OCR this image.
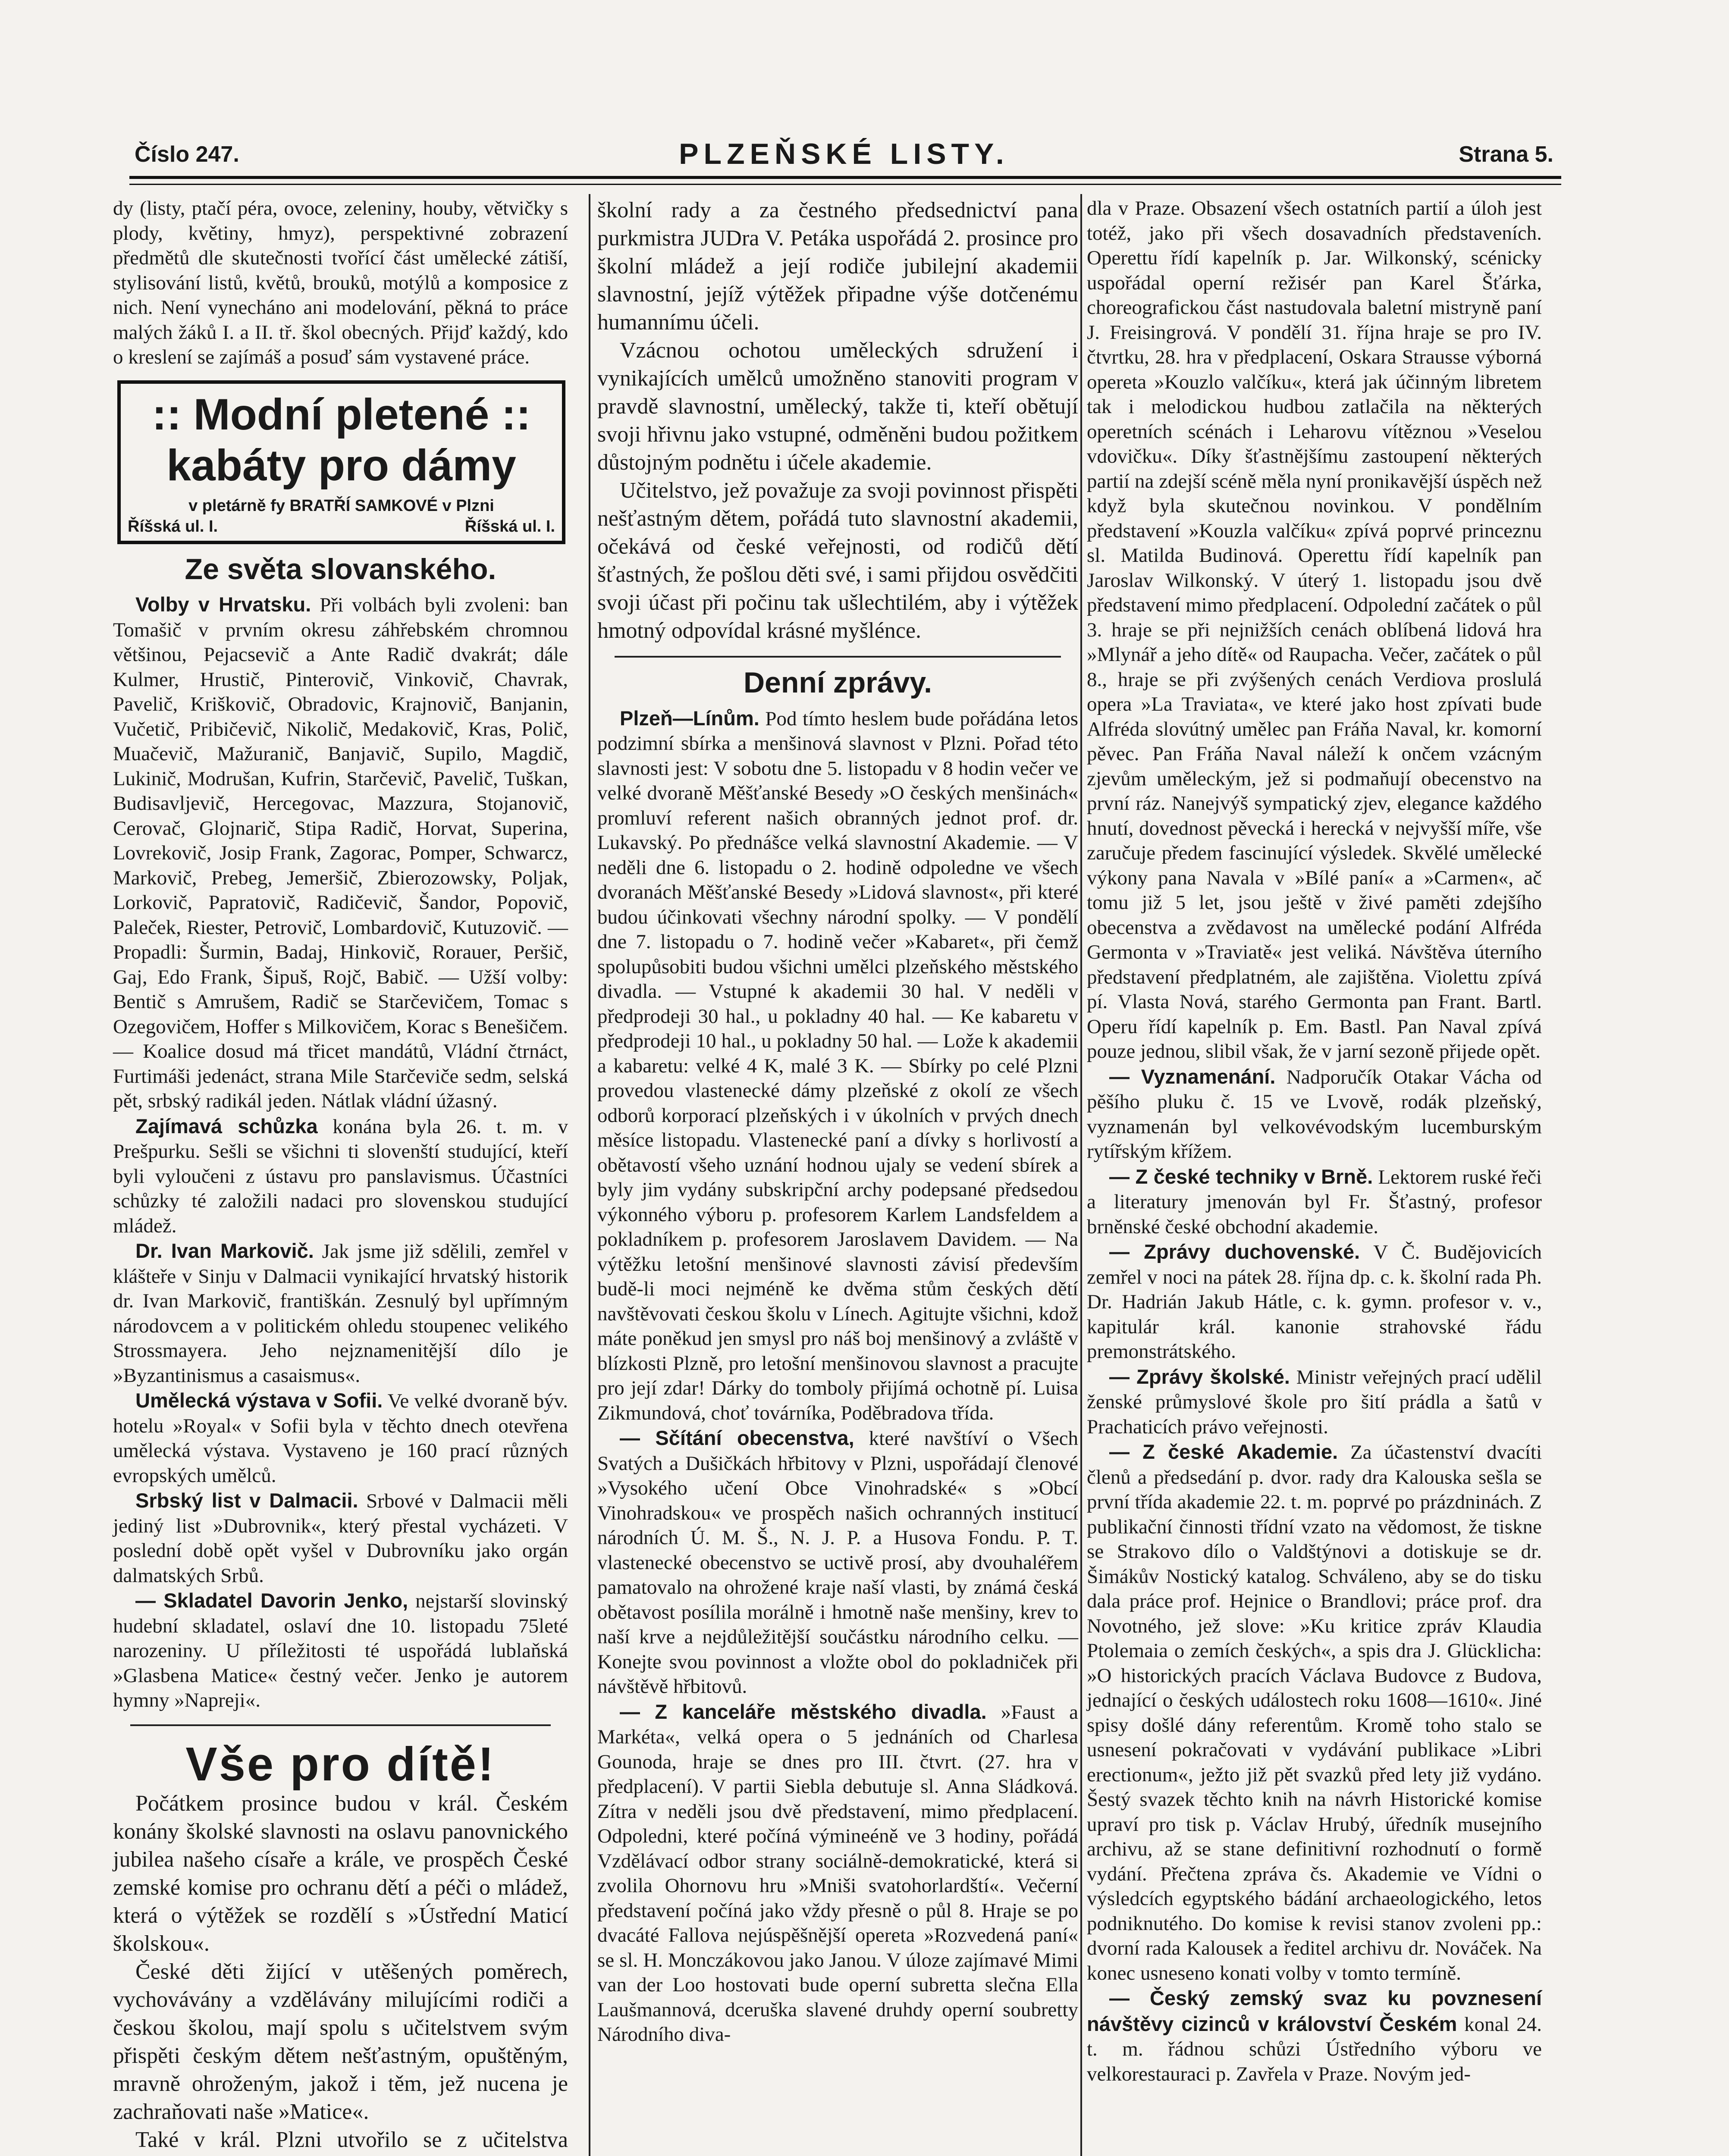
Číslo 247.	PLZEŇSKÉ LISTY.	Strana 5.

dy (listy, ptačí péra, ovoce, zeleniny, houby, větvičky s plody, květiny, hmyz), perspektivné zobrazení předmětů dle skutečnosti tvořící část umělecké zátiší, stylisování listů, květů, brouků, motýlů a komposice z nich. Není vynecháno ani modelování, pěkná to práce malých žáků I. a II. tř. škol obecných. Přijď každý, kdo o kreslení se zajímáš a posuď sám vystavené práce.

:: Modní pletené ::
kabáty pro dámy
v pletárně fy BRATŘÍ SAMKOVÉ v Plzni
Říšská ul. I.	Říšská ul. I.
Ze světa slovanského.

Volby v Hrvatsku. Při volbách byli zvoleni: ban Tomašič v prvním okresu záhřebském chromnou většinou, Pejacsevič a Ante Radič dvakrát; dále Kulmer, Hrustič, Pinterovič, Vinkovič, Chavrak, Pavelič, Kriškovič, Obradovic, Krajnovič, Banjanin, Vučetič, Pribičevič, Nikolič, Medakovič, Kras, Polič, Muačevič, Mažuranič, Banjavič, Supilo, Magdič, Lukinič, Modrušan, Kufrin, Starčevič, Pavelič, Tuškan, Budisavljevič, Hercegovac, Mazzura, Stojanovič, Cerovač, Glojnarič, Stipa Radič, Horvat, Superina, Lovrekovič, Josip Frank, Zagorac, Pomper, Schwarcz, Markovič, Prebeg, Jemeršič, Zbierozowsky, Poljak, Lorkovič, Papratovič, Radičevič, Šandor, Popovič, Paleček, Riester, Petrovič, Lombardovič, Kutuzovič. — Propadli: Šurmin, Badaj, Hinkovič, Rorauer, Peršič, Gaj, Edo Frank, Šipuš, Rojč, Babič. — Užší volby: Bentič s Amrušem, Radič se Starčevičem, Tomac s Ozegovičem, Hoffer s Milkovičem, Korac s Benešičem. — Koalice dosud má třicet mandátů, Vládní čtrnáct, Furtimáši jedenáct, strana Mile Starčeviče sedm, selská pět, srbský radikál jeden. Nátlak vládní úžasný.

Zajímavá schůzka konána byla 26. t. m. v Prešpurku. Sešli se všichni ti slovenští studující, kteří byli vyloučeni z ústavu pro panslavismus. Účastníci schůzky té založili nadaci pro slovenskou studující mládež.

Dr. Ivan Markovič. Jak jsme již sdělili, zemřel v klášteře v Sinju v Dalmacii vynikající hrvatský historik dr. Ivan Markovič, františkán. Zesnulý byl upřímným národovcem a v politickém ohledu stoupenec velikého Strossmayera. Jeho nejznamenitější dílo je »Byzantinismus a casaismus«.

Umělecká výstava v Sofii. Ve velké dvoraně býv. hotelu »Royal« v Sofii byla v těchto dnech otevřena umělecká výstava. Vystaveno je 160 prací různých evropských umělců.

Srbský list v Dalmacii. Srbové v Dalmacii měli jediný list »Dubrovnik«, který přestal vycházeti. V poslední době opět vyšel v Dubrovníku jako orgán dalmatských Srbů.

— Skladatel Davorin Jenko, nejstarší slovinský hudební skladatel, oslaví dne 10. listopadu 75leté narozeniny. U příležitosti té uspořádá lublaňská »Glasbena Matice« čestný večer. Jenko je autorem hymny »Napreji«.

Vše pro dítě!

Počátkem prosince budou v král. Českém konány školské slavnosti na oslavu panovnického jubilea našeho císaře a krále, ve prospěch České zemské komise pro ochranu dětí a péči o mládež, která o výtěžek se rozdělí s »Ústřední Maticí školskou«.

České děti žijící v utěšených poměrech, vychovávány a vzdělávány milujícími rodiči a českou školou, mají spolu s učitelstvem svým přispěti českým dětem nešťastným, opuštěným, mravně ohroženým, jakož i těm, jež nucena je zachraňovati naše »Matice«.

Také v král. Plzni utvořilo se z učitelstva

školní rady a za čestného předsednictví pana purkmistra JUDra V. Petáka uspořádá 2. prosince pro školní mládež a její rodiče jubilejní akademii slavnostní, jejíž výtěžek připadne výše dotčenému humannímu účeli.

Vzácnou ochotou uměleckých sdružení i vynikajících umělců umožněno stanoviti program v pravdě slavnostní, umělecký, takže ti, kteří obětují svoji hřivnu jako vstupné, odměněni budou požitkem důstojným podnětu i účele akademie.

Učitelstvo, jež považuje za svoji povinnost přispěti nešťastným dětem, pořádá tuto slavnostní akademii, očekává od české veřejnosti, od rodičů dětí šťastných, že pošlou děti své, i sami přijdou osvědčiti svoji účast při počinu tak ušlechtilém, aby i výtěžek hmotný odpovídal krásné myšlénce.

Denní zprávy.

Plzeň—Línům. Pod tímto heslem bude pořádána letos podzimní sbírka a menšinová slavnost v Plzni. Pořad této slavnosti jest: V sobotu dne 5. listopadu v 8 hodin večer ve velké dvoraně Měšťanské Besedy »O českých menšinách« promluví referent našich obranných jednot prof. dr. Lukavský. Po přednášce velká slavnostní Akademie. — V neděli dne 6. listopadu o 2. hodině odpoledne ve všech dvoranách Měšťanské Besedy »Lidová slavnost«, při které budou účinkovati všechny národní spolky. — V pondělí dne 7. listopadu o 7. hodině večer »Kabaret«, při čemž spolupůsobiti budou všichni umělci plzeňského městského divadla. — Vstupné k akademii 30 hal. V neděli v předprodeji 30 hal., u pokladny 40 hal. — Ke kabaretu v předprodeji 10 hal., u pokladny 50 hal. — Lože k akademii a kabaretu: velké 4 K, malé 3 K. — Sbírky po celé Plzni provedou vlastenecké dámy plzeňské z okolí ze všech odborů korporací plzeňských i v úkolních v prvých dnech měsíce listopadu. Vlastenecké paní a dívky s horlivostí a obětavostí všeho uznání hodnou ujaly se vedení sbírek a byly jim vydány subskripční archy podepsané předsedou výkonného výboru p. profesorem Karlem Landsfeldem a pokladníkem p. profesorem Jaroslavem Davidem. — Na výtěžku letošní menšinové slavnosti závisí především budě-li moci nejméně ke dvěma stům českých dětí navštěvovati českou školu v Línech. Agitujte všichni, kdož máte poněkud jen smysl pro náš boj menšinový a zvláště v blízkosti Plzně, pro letošní menšinovou slavnost a pracujte pro její zdar! Dárky do tomboly přijímá ochotně pí. Luisa Zikmundová, choť továrníka, Poděbradova třída.

— Sčítání obecenstva, které navštíví o Všech Svatých a Dušičkách hřbitovy v Plzni, uspořádají členové »Vysokého učení Obce Vinohradské« s »Obcí Vinohradskou« ve prospěch našich ochranných institucí národních Ú. M. Š., N. J. P. a Husova Fondu. P. T. vlastenecké obecenstvo se uctivě prosí, aby dvouhaléřem pamatovalo na ohrožené kraje naší vlasti, by známá česká obětavost posílila morálně i hmotně naše menšiny, krev to naší krve a nejdůležitější součástku národního celku. — Konejte svou povinnost a vložte obol do pokladniček při návštěvě hřbitovů.

— Z kanceláře městského divadla. »Faust a Markéta«, velká opera o 5 jednáních od Charlesa Gounoda, hraje se dnes pro III. čtvrt. (27. hra v předplacení). V partii Siebla debutuje sl. Anna Sládková. Zítra v neděli jsou dvě představení, mimo předplacení. Odpoledni, které počíná výmineéně ve 3 hodiny, pořádá Vzdělávací odbor strany sociálně-demokratické, která si zvolila Ohornovu hru »Mniši svatohorlardští«. Večerní představení počíná jako vždy přesně o půl 8. Hraje se po dvacáté Fallova nejúspěšnější opereta »Rozvedená paní« se sl. H. Monczákovou jako Janou. V úloze zajímavé Mimi van der Loo hostovati bude operní subretta slečna Ella Laušmannová, dceruška slavené druhdy operní soubretty Národního diva-

dla v Praze. Obsazení všech ostatních partií a úloh jest totéž, jako při všech dosavadních představeních. Operettu řídí kapelník p. Jar. Wilkonský, scénicky uspořádal operní režisér pan Karel Šťárka, choreografickou část nastudovala baletní mistryně paní J. Freisingrová. V pondělí 31. října hraje se pro IV. čtvrtku, 28. hra v předplacení, Oskara Strausse výborná opereta »Kouzlo valčíku«, která jak účinným libretem tak i melodickou hudbou zatlačila na některých operetních scénách i Leharovu vítěznou »Veselou vdovičku«. Díky šťastnějšímu zastoupení některých partií na zdejší scéně měla nyní pronikavější úspěch než když byla skutečnou novinkou. V pondělním představení »Kouzla valčíku« zpívá poprvé princeznu sl. Matilda Budinová. Operettu řídí kapelník pan Jaroslav Wilkonský. V úterý 1. listopadu jsou dvě představení mimo předplacení. Odpolední začátek o půl 3. hraje se při nejnižších cenách oblíbená lidová hra »Mlynář a jeho dítě« od Raupacha. Večer, začátek o půl 8., hraje se při zvýšených cenách Verdiova proslulá opera »La Traviata«, ve které jako host zpívati bude Alfréda slovútný umělec pan Fráňa Naval, kr. komorní pěvec. Pan Fráňa Naval náleží k ončem vzácným zjevům uměleckým, jež si podmaňují obecenstvo na první ráz. Nanejvýš sympatický zjev, elegance každého hnutí, dovednost pěvecká i herecká v nejvyšší míře, vše zaručuje předem fascinující výsledek. Skvělé umělecké výkony pana Navala v »Bílé paní« a »Carmen«, ač tomu již 5 let, jsou ještě v živé paměti zdejšího obecenstva a zvědavost na umělecké podání Alfréda Germonta v »Traviatě« jest veliká. Návštěva úterního představení předplatném, ale zajištěna. Violettu zpívá pí. Vlasta Nová, starého Germonta pan Frant. Bartl. Operu řídí kapelník p. Em. Bastl. Pan Naval zpívá pouze jednou, slibil však, že v jarní sezoně přijede opět.

— Vyznamenání. Nadporučík Otakar Vácha od pěšího pluku č. 15 ve Lvově, rodák plzeňský, vyznamenán byl velkovévodským lucemburským rytířským křížem.

— Z české techniky v Brně. Lektorem ruské řeči a literatury jmenován byl Fr. Šťastný, profesor brněnské české obchodní akademie.

— Zprávy duchovenské. V Č. Budějovicích zemřel v noci na pátek 28. října dp. c. k. školní rada Ph. Dr. Hadrián Jakub Hátle, c. k. gymn. profesor v. v., kapitulár král. kanonie strahovské řádu premonstrátského.

— Zprávy školské. Ministr veřejných prací udělil ženské průmyslové škole pro šití prádla a šatů v Prachaticích právo veřejnosti.

— Z české Akademie. Za účastenství dvacíti členů a předsedání p. dvor. rady dra Kalouska sešla se první třída akademie 22. t. m. poprvé po prázdninách. Z publikační činnosti třídní vzato na vědomost, že tiskne se Strakovo dílo o Valdštýnovi a dotiskuje se dr. Šimákův Nostický katalog. Schváleno, aby se do tisku dala práce prof. Hejnice o Brandlovi; práce prof. dra Novotného, jež slove: »Ku kritice zpráv Klaudia Ptolemaia o zemích českých«, a spis dra J. Glücklicha: »O historických pracích Václava Budovce z Budova, jednající o českých událostech roku 1608—1610«. Jiné spisy došlé dány referentům. Kromě toho stalo se usnesení pokračovati v vydávání publikace »Libri erectionum«, ježto již pět svazků před lety již vydáno. Šestý svazek těchto knih na návrh Historické komise upraví pro tisk p. Václav Hrubý, úředník musejního archivu, až se stane definitivní rozhodnutí o formě vydání. Přečtena zpráva čs. Akademie ve Vídni o výsledcích egyptského bádání archaeologického, letos podniknutého. Do komise k revisi stanov zvoleni pp.: dvorní rada Kalousek a ředitel archivu dr. Nováček. Na konec usneseno konati volby v tomto termíně.

— Český zemský svaz ku povznesení návštěvy cizinců v království Českém konal 24. t. m. řádnou schůzi Ústředního výboru ve velkorestauraci p. Zavřela v Praze. Novým jed-
